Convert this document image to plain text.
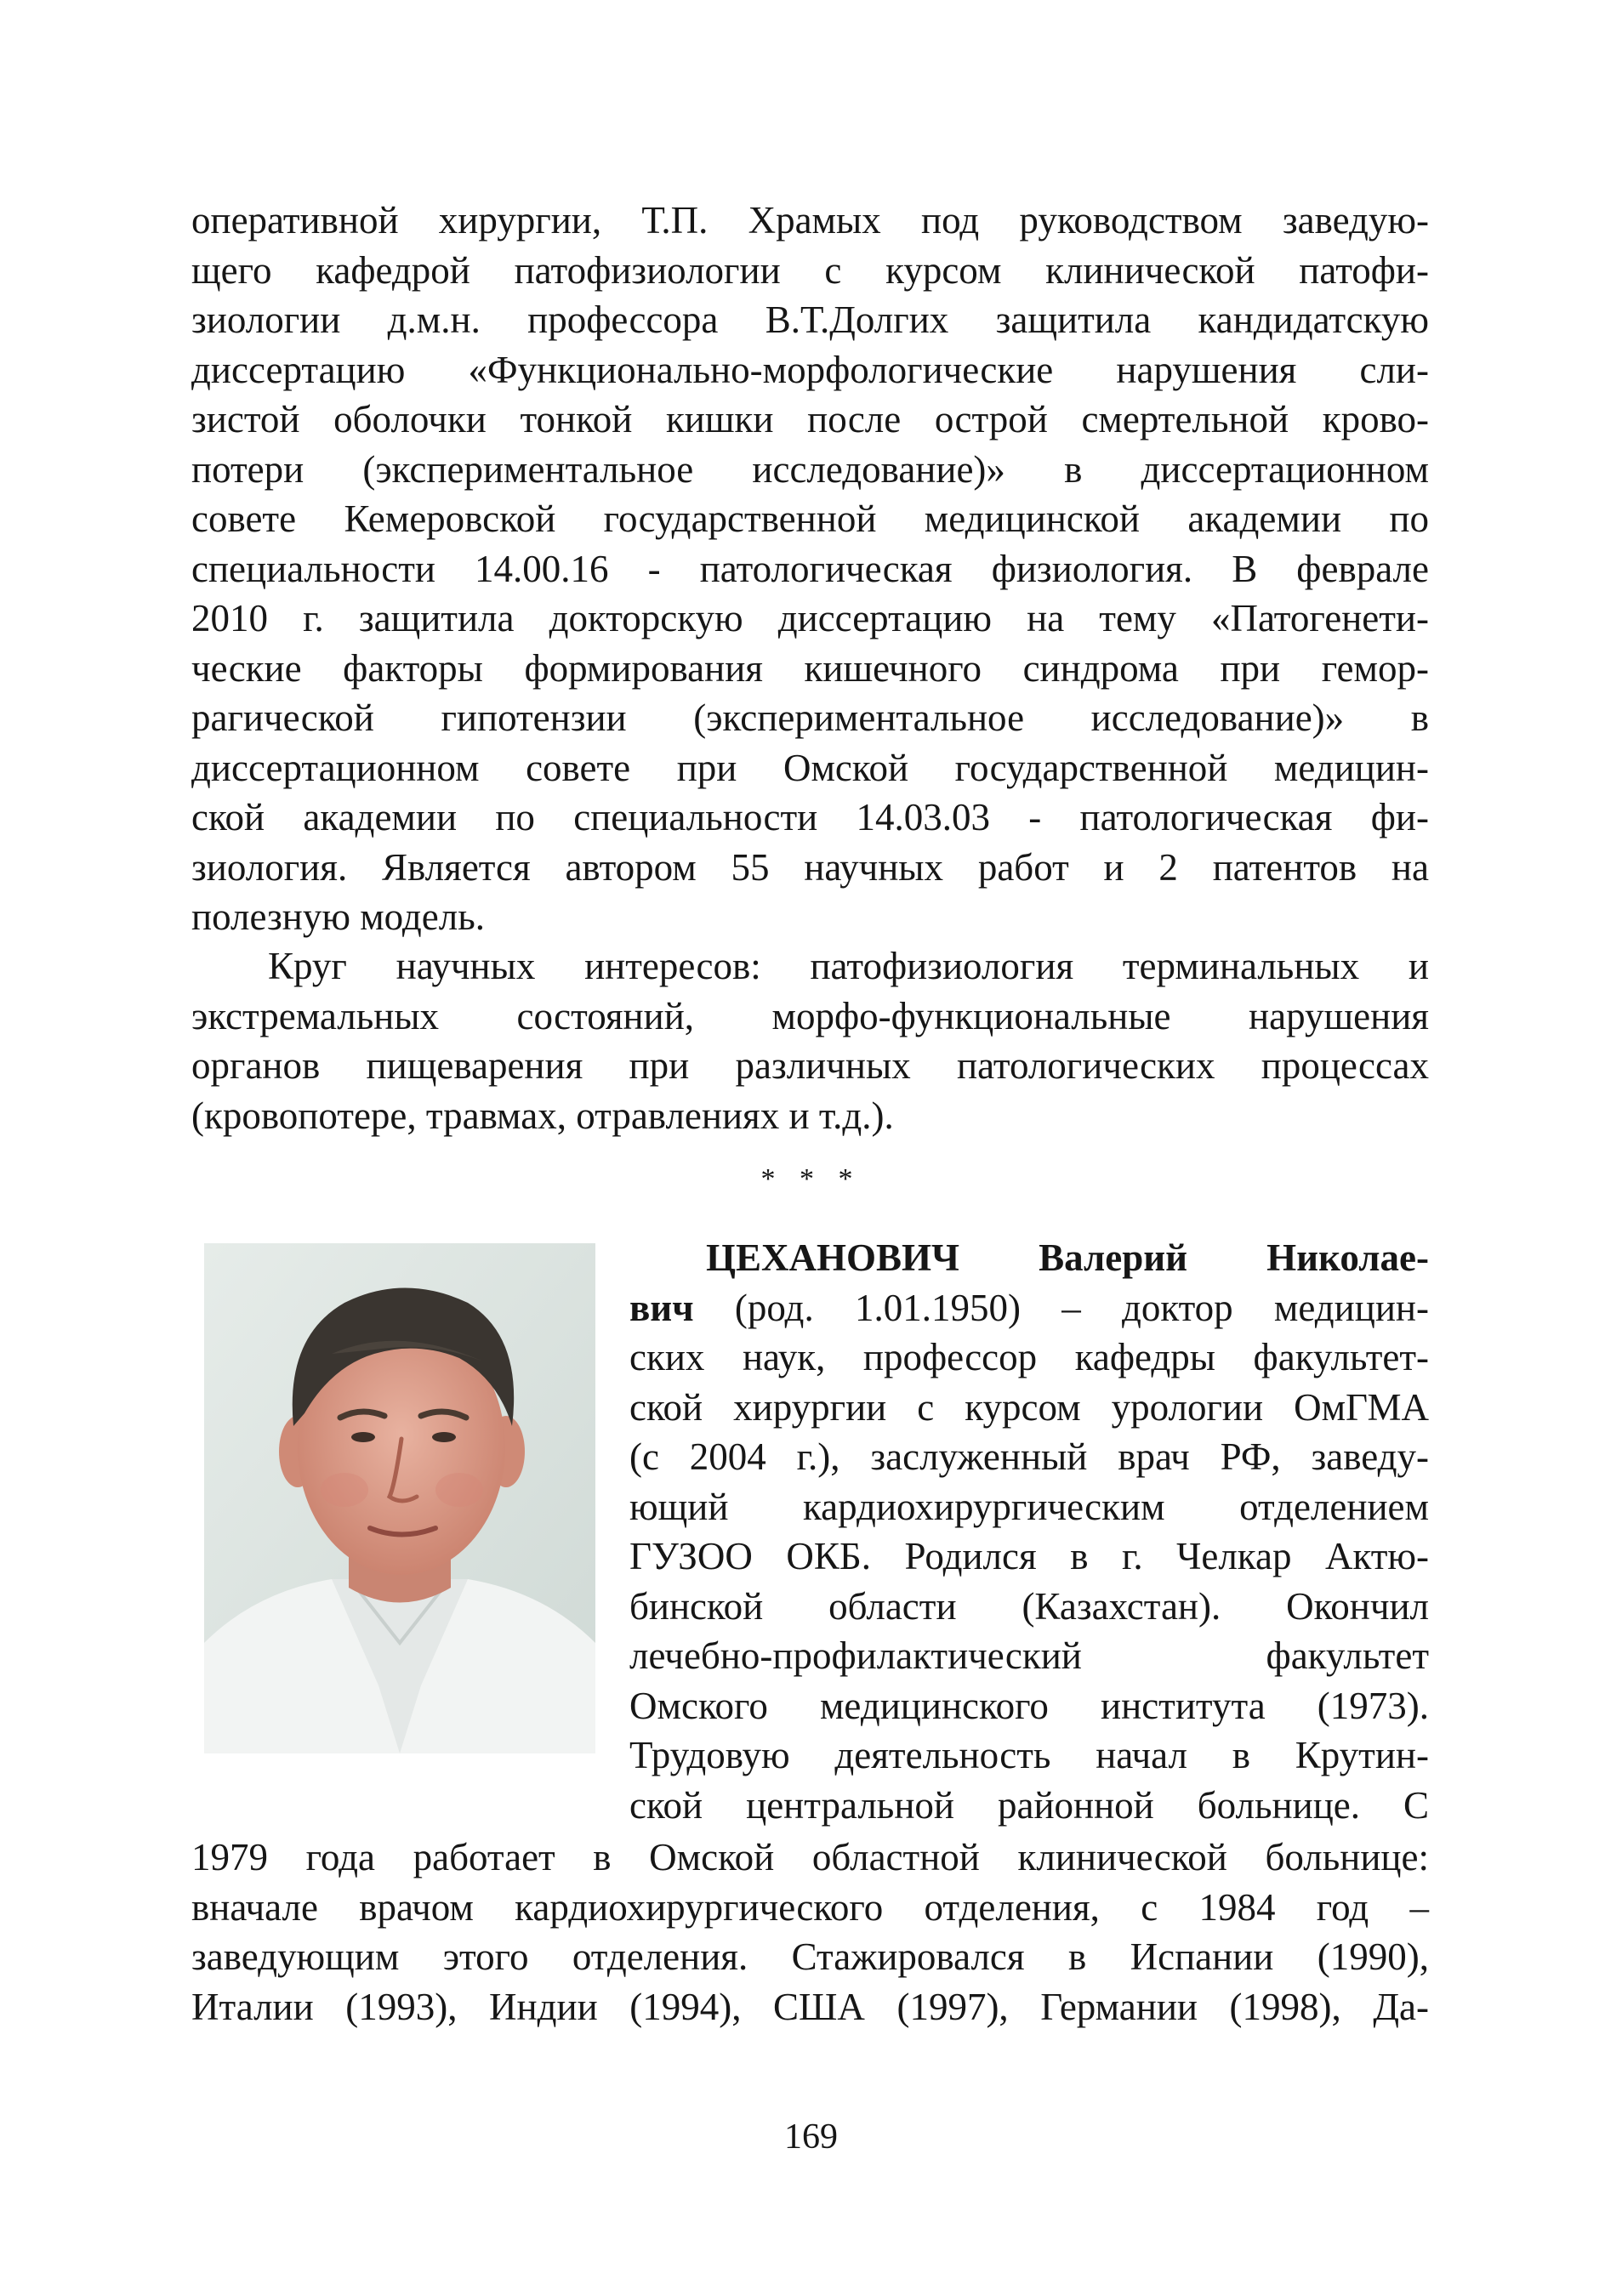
оперативной хирургии, Т.П. Храмых под руководством заведую-
щего кафедрой патофизиологии с курсом клинической патофи-
зиологии д.м.н. профессора В.Т.Долгих защитила кандидатскую
диссертацию «Функционально-морфологические нарушения сли-
зистой оболочки тонкой кишки после острой смертельной крово-
потери (экспериментальное исследование)» в диссертационном
совете Кемеровской государственной медицинской академии по
специальности 14.00.16 - патологическая физиология. В феврале
2010 г. защитила докторскую диссертацию на тему «Патогенети-
ческие факторы формирования кишечного синдрома при гемор-
рагической гипотензии (экспериментальное исследование)» в
диссертационном совете при Омской государственной медицин-
ской академии по специальности 14.03.03 - патологическая фи-
зиология. Является автором 55 научных работ и 2 патентов на
полезную модель.
Круг научных интересов: патофизиология терминальных и
экстремальных состояний, морфо-функциональные нарушения
органов пищеварения при различных патологических процессах
(кровопотере, травмах, отравлениях и т.д.).
* * *
ЦЕХАНОВИЧ Валерий Николае-
вич (род. 1.01.1950) – доктор медицин-
ских наук, профессор кафедры факультет-
ской хирургии с курсом урологии ОмГМА
(с 2004 г.), заслуженный врач РФ, заведу-
ющий кардиохирургическим отделением
ГУЗОО ОКБ. Родился в г. Челкар Актю-
бинской области (Казахстан). Окончил
лечебно-профилактический факультет
Омского медицинского института (1973).
Трудовую деятельность начал в Крутин-
ской центральной районной больнице. С
1979 года работает в Омской областной клинической больнице:
вначале врачом кардиохирургического отделения, с 1984 год –
заведующим этого отделения. Стажировался в Испании (1990),
Италии (1993), Индии (1994), США (1997), Германии (1998), Да-
169
